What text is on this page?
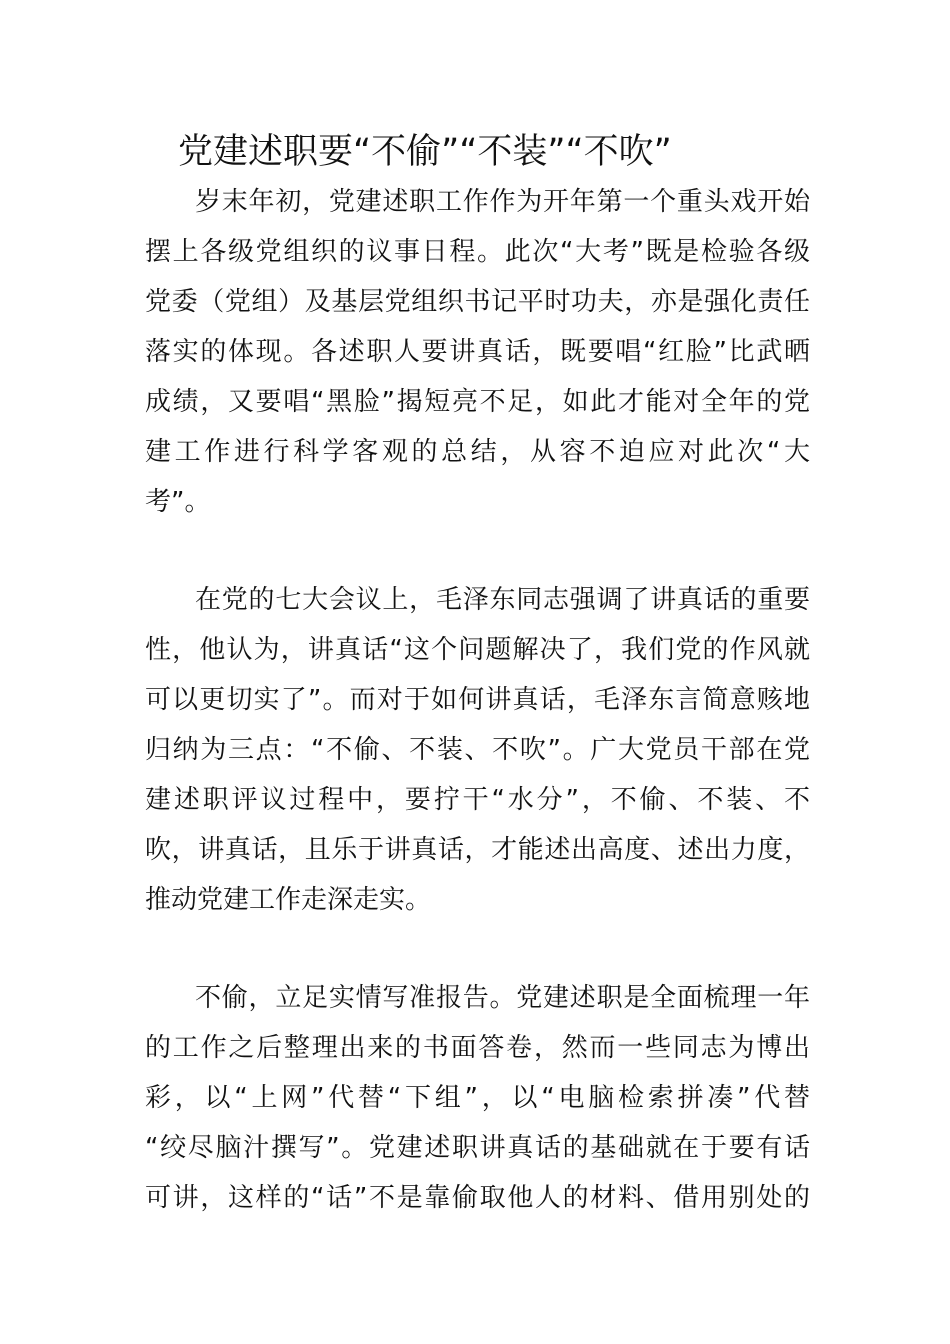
党建述职要“不偷”“不装”“不吹”
岁末年初，党建述职工作作为开年第一个重头戏开始
摆上各级党组织的议事日程。此次“大考”既是检验各级
党委（党组）及基层党组织书记平时功夫，亦是强化责任
落实的体现。各述职人要讲真话，既要唱“红脸”比武晒
成绩，又要唱“黑脸”揭短亮不足，如此才能对全年的党
建工作进行科学客观的总结，从容不迫应对此次“大
考”。
在党的七大会议上，毛泽东同志强调了讲真话的重要
性，他认为，讲真话“这个问题解决了，我们党的作风就
可以更切实了”。而对于如何讲真话，毛泽东言简意赅地
归纳为三点：“不偷、不装、不吹”。广大党员干部在党
建述职评议过程中，要拧干“水分”，不偷、不装、不
吹，讲真话，且乐于讲真话，才能述出高度、述出力度，
推动党建工作走深走实。
不偷，立足实情写准报告。党建述职是全面梳理一年
的工作之后整理出来的书面答卷，然而一些同志为博出
彩，以“上网”代替“下组”，以“电脑检索拼凑”代替
“绞尽脑汁撰写”。党建述职讲真话的基础就在于要有话
可讲，这样的“话”不是靠偷取他人的材料、借用别处的
